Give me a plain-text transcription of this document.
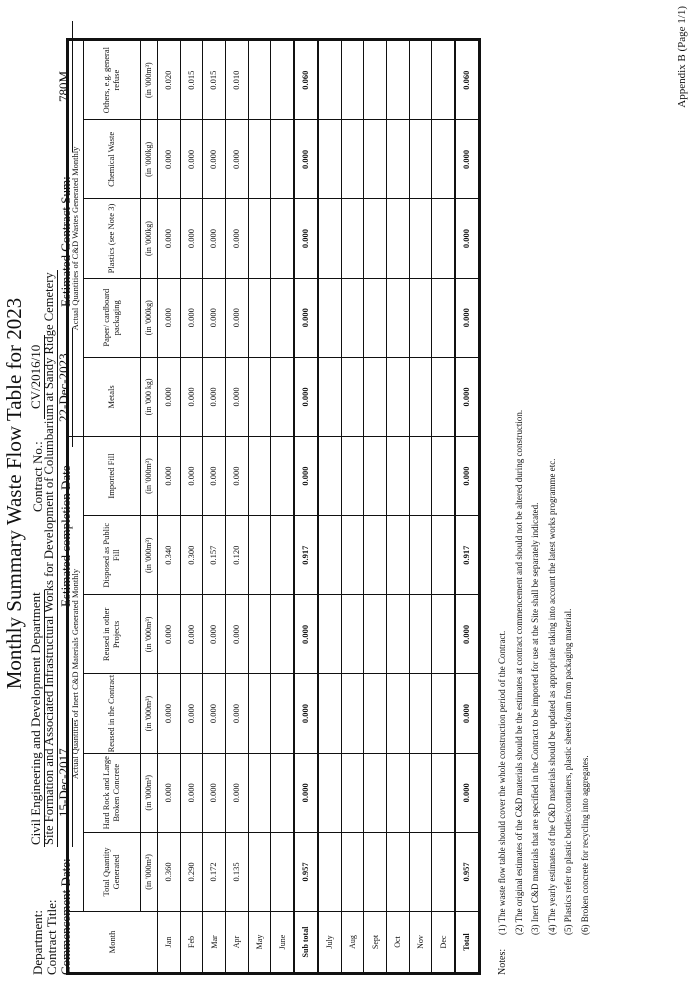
Monthly Summary Waste Flow Table for 2023
Department:
Civil Engineering and Development Department
Contract No.:
CV/2016/10
Contract Title:
Site Formation and Associated Infrastructural Works for Development of Columbarium at Sandy Ridge Cemetery
Commencement Date:
15-Dec-2017
Estimated completion Date
22-Dec-2023
Estimated Contract Sum:
780M
Month	Actual Quantities of Inert C&D Materials Generated Monthly						Actual Quantities of C&D Wastes Generated Monthly				
	Total Quantity Generated	Hard Rock and Large Broken Concrete	Reused in the Contract	Reused in other Projects	Disposed as Public Fill	Imported Fill	Metals	Paper/ cardboard packaging	Plastics (see Note 3)	Chemical Waste	Others, e.g. general refuse
	(in '000m³)	(in '000m³)	(in '000m³)	(in '000m³)	(in '000m³)	(in '000m³)	(in '000 kg)	(in '000kg)	(in '000kg)	(in '000kg)	(in '000m³)
Jan	0.360	0.000	0.000	0.000	0.340	0.000	0.000	0.000	0.000	0.000	0.020
Feb	0.290	0.000	0.000	0.000	0.300	0.000	0.000	0.000	0.000	0.000	0.015
Mar	0.172	0.000	0.000	0.000	0.157	0.000	0.000	0.000	0.000	0.000	0.015
Apr	0.135	0.000	0.000	0.000	0.120	0.000	0.000	0.000	0.000	0.000	0.010
May											
June											
Sub total	0.957	0.000	0.000	0.000	0.917	0.000	0.000	0.000	0.000	0.000	0.060
July											
Aug											
Sept											
Oct											
Nov											
Dec											
Total	0.957	0.000	0.000	0.000	0.917	0.000	0.000	0.000	0.000	0.000	0.060
Notes:(1) The waste flow table should cover the whole construction period of the Contract. (2) The original estimates of the C&D materials should be the estimates at contract commencement and should not be altered during construction. (3) Inert C&D materials that are specified in the Contract to be imported for use at the Site shall be separately indicated. (4) The yearly estimates of the C&D materials should be updated as appropriate taking into account the latest works programme etc. (5) Plastics refer to plastic bottles/containers, plastic sheets/foam from packaging material. (6) Broken concrete for recycling into aggregates.
Appendix B (Page 1/1)
